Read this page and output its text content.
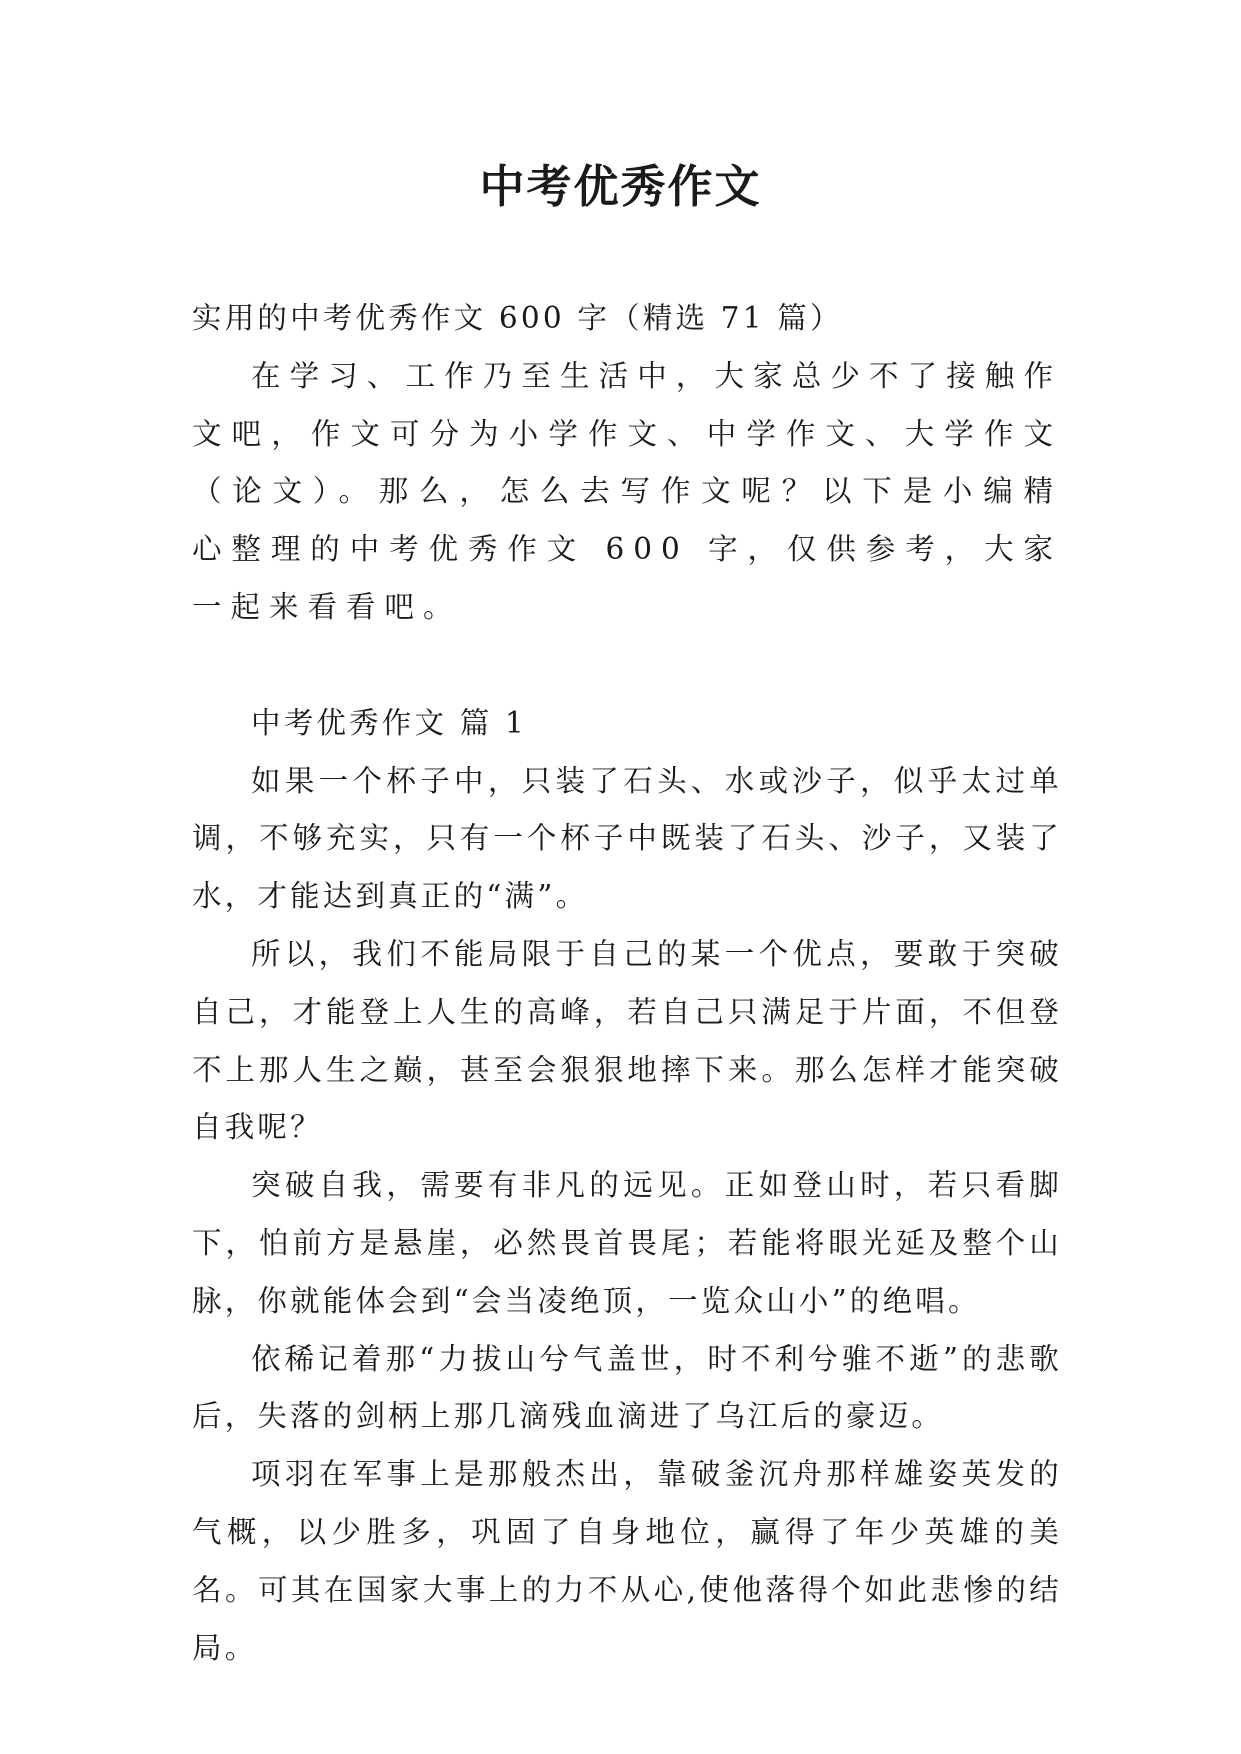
中考优秀作文

实用的中考优秀作文 600 字（精选 71 篇）

在学习、工作乃至生活中，大家总少不了接触作文吧，作文可分为小学作文、中学作文、大学作文（论文）。那么，怎么去写作文呢？以下是小编精心整理的中考优秀作文 600 字，仅供参考，大家一起来看看吧。

中考优秀作文 篇 1

如果一个杯子中，只装了石头、水或沙子，似乎太过单调，不够充实，只有一个杯子中既装了石头、沙子，又装了水，才能达到真正的“满”。

所以，我们不能局限于自己的某一个优点，要敢于突破自己，才能登上人生的高峰，若自己只满足于片面，不但登不上那人生之巅，甚至会狠狠地摔下来。那么怎样才能突破自我呢？

突破自我，需要有非凡的远见。正如登山时，若只看脚下，怕前方是悬崖，必然畏首畏尾；若能将眼光延及整个山脉，你就能体会到“会当凌绝顶，一览众山小”的绝唱。

依稀记着那“力拔山兮气盖世，时不利兮骓不逝”的悲歌后，失落的剑柄上那几滴残血滴进了乌江后的豪迈。

项羽在军事上是那般杰出，靠破釜沉舟那样雄姿英发的气概，以少胜多，巩固了自身地位，赢得了年少英雄的美名。可其在国家大事上的力不从心,使他落得个如此悲惨的结局。
